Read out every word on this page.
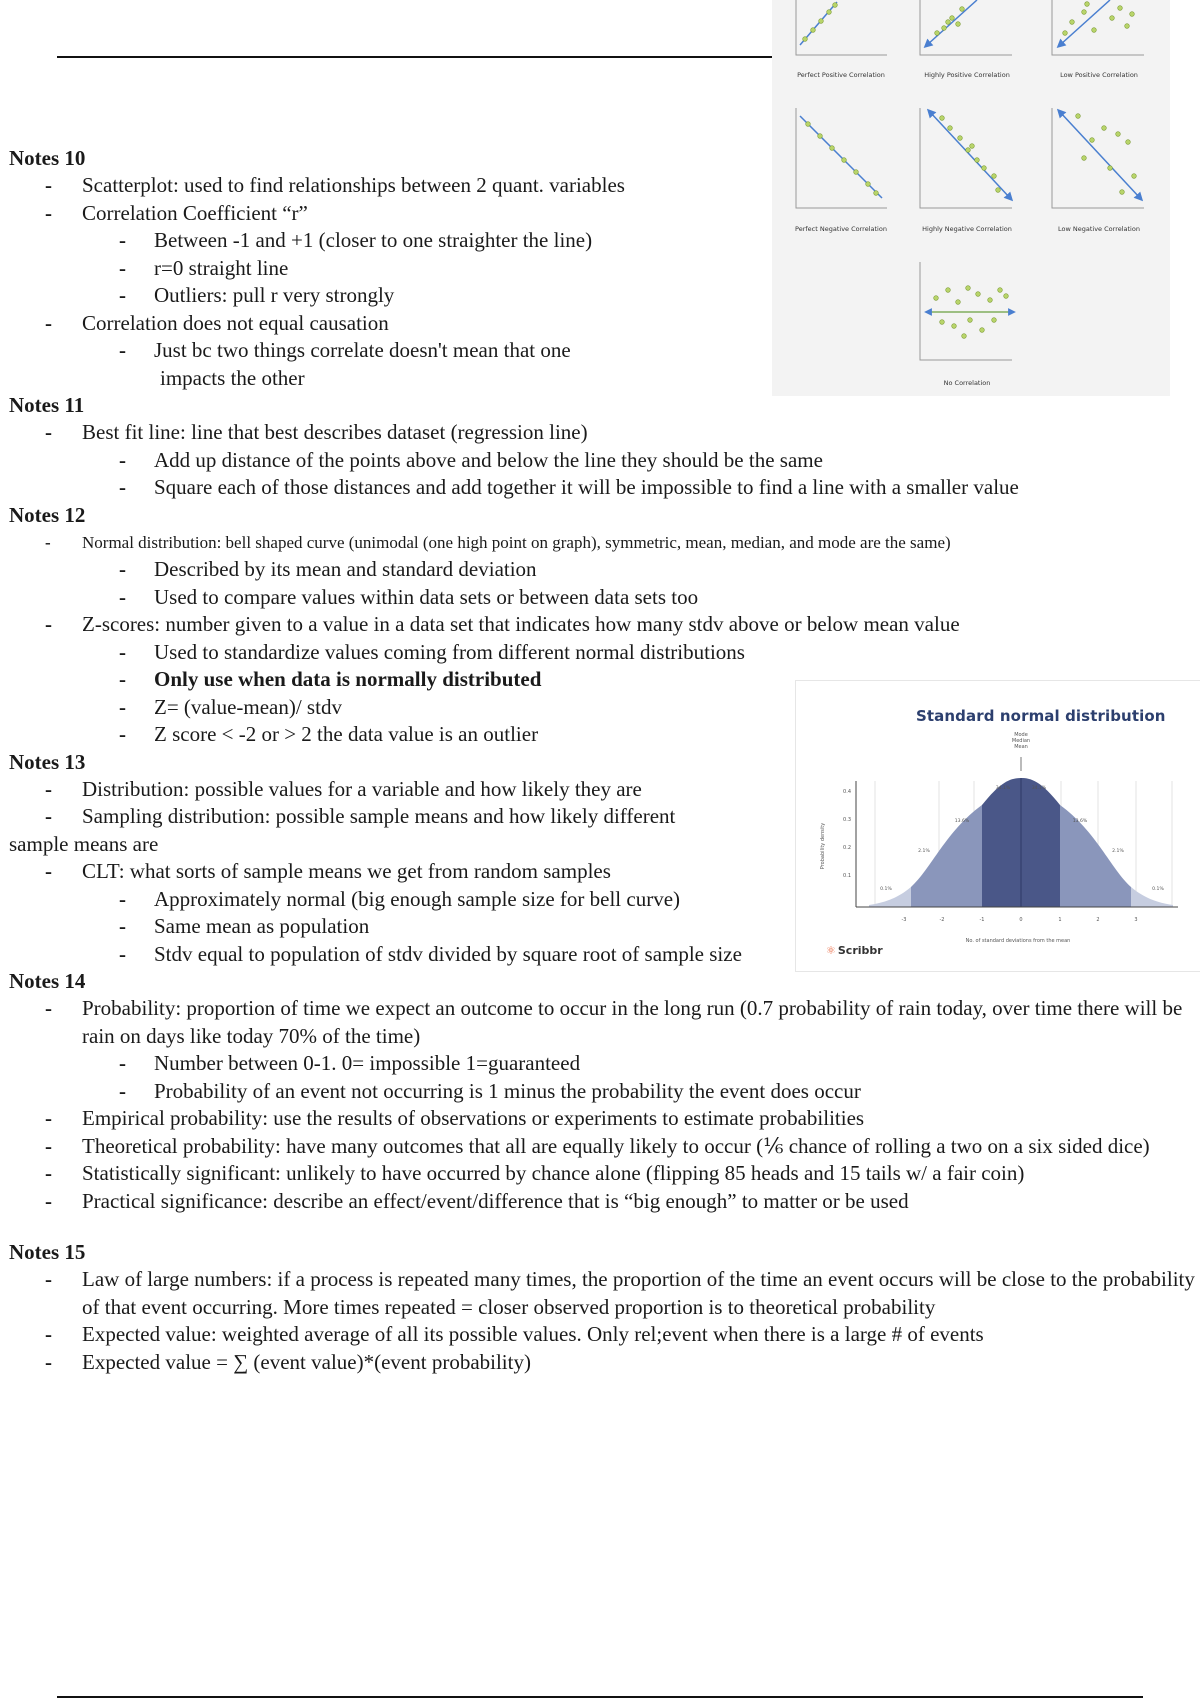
Perfect Positive Correlation	Highly Positive Correlation	Low Positive Correlation
Perfect Negative Correlation	Highly Negative Correlation	Low Negative Correlation
No Correlation
Standard normal distribution
Mode Median Mean
Probability density
No. of standard deviations from the mean
0.1
0.2
0.3
0.4
-3	-2	-1	0	1	2	3
0.1%
2.1%
13.6%
34.1%	34.1%
13.6%
2.1%
0.1%
⚛ Scribbr
Notes 10
- Scatterplot: used to find relationships between 2 quant. variables
- Correlation Coefficient “r”
- Between -1 and +1 (closer to one straighter the line)
- r=0 straight line
- Outliers: pull r very strongly
- Correlation does not equal causation
- Just bc two things correlate doesn't mean that one
impacts the other
Notes 11
- Best fit line: line that best describes dataset (regression line)
- Add up distance of the points above and below the line they should be the same
- Square each of those distances and add together it will be impossible to find a line with a smaller value
Notes 12
- Normal distribution: bell shaped curve (unimodal (one high point on graph), symmetric, mean, median, and mode are the same)
- Described by its mean and standard deviation
- Used to compare values within data sets or between data sets too
- Z-scores: number given to a value in a data set that indicates how many stdv above or below mean value
- Used to standardize values coming from different normal distributions
- Only use when data is normally distributed
- Z= (value-mean)/ stdv
- Z score < -2 or > 2 the data value is an outlier
Notes 13
- Distribution: possible values for a variable and how likely they are
- Sampling distribution: possible sample means and how likely different
sample means are
- CLT: what sorts of sample means we get from random samples
- Approximately normal (big enough sample size for bell curve)
- Same mean as population
- Stdv equal to population of stdv divided by square root of sample size
Notes 14
- Probability: proportion of time we expect an outcome to occur in the long run (0.7 probability of rain today, over time there will be rain on days like today 70% of the time)
- Number between 0-1. 0= impossible 1=guaranteed
- Probability of an event not occurring is 1 minus the probability the event does occur
- Empirical probability: use the results of observations or experiments to estimate probabilities
- Theoretical probability: have many outcomes that all are equally likely to occur (⅙ chance of rolling a two on a six sided dice)
- Statistically significant: unlikely to have occurred by chance alone (flipping 85 heads and 15 tails w/ a fair coin)
- Practical significance: describe an effect/event/difference that is “big enough” to matter or be used
Notes 15
- Law of large numbers: if a process is repeated many times, the proportion of the time an event occurs will be close to the probability of that event occurring. More times repeated = closer observed proportion is to theoretical probability
- Expected value: weighted average of all its possible values. Only rel;event when there is a large # of events
- Expected value = ∑ (event value)*(event probability)
